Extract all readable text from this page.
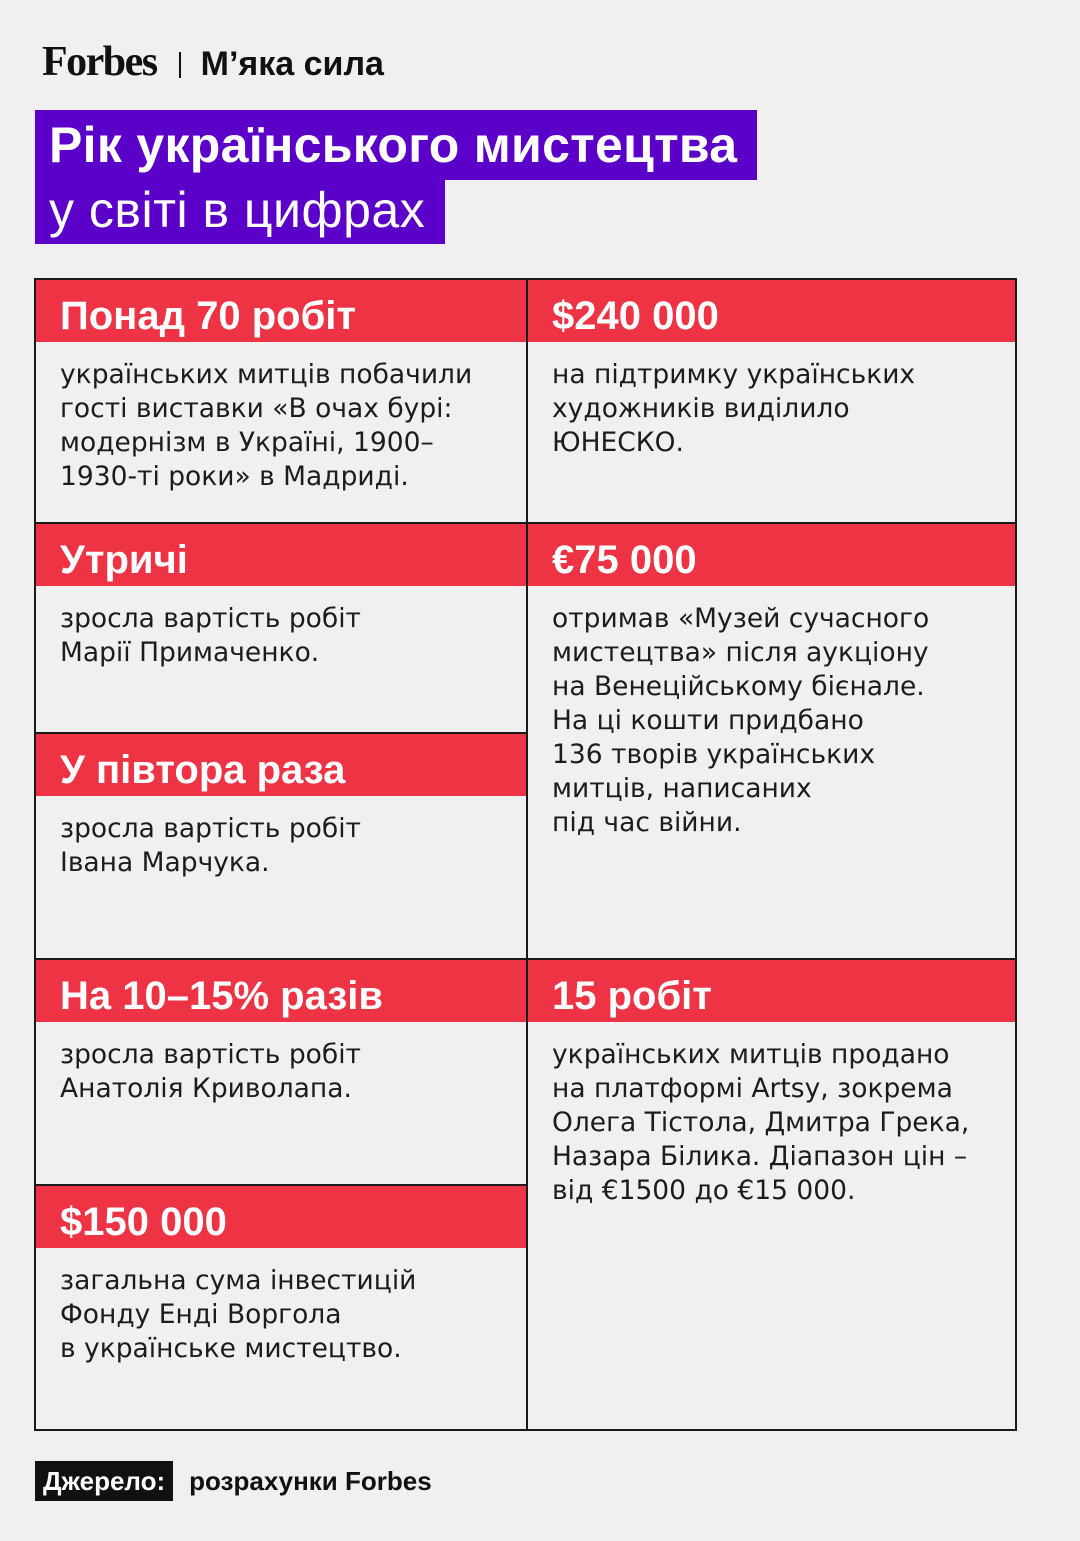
Forbes М’яка сила
Рік українського мистецтва
у світі в цифрах
Понад 70 робіт
українських митців побачили
гості виставки «В очах бурі:
модернізм в Україні, 1900–
1930-ті роки» в Мадриді.
$240 000
на підтримку українських
художників виділило
ЮНЕСКО.
Утричі
зросла вартість робіт
Марії Примаченко.
€75 000
отримав «Музей сучасного
мистецтва» після аукціону
на Венеційському бієнале.
На ці кошти придбано
136 творів українських
митців, написаних
під час війни.
У півтора раза
зросла вартість робіт
Івана Марчука.
На 10–15% разів
зросла вартість робіт
Анатолія Криволапа.
15 робіт
українських митців продано
на платформі Artsy, зокрема
Олега Тістола, Дмитра Грека,
Назара Білика. Діапазон цін –
від €1500 до €15 000.
$150 000
загальна сума інвестицій
Фонду Енді Воргола
в українське мистецтво.
Джерело: розрахунки Forbes
